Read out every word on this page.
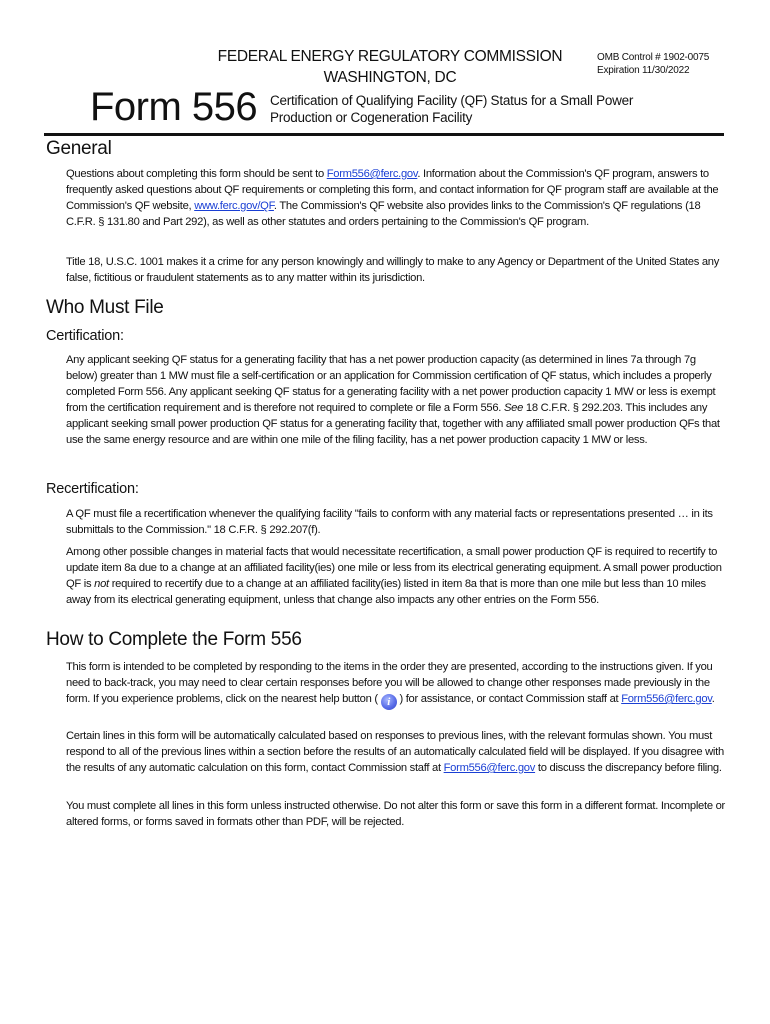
FEDERAL ENERGY REGULATORY COMMISSION
WASHINGTON, DC
OMB Control # 1902-0075
Expiration 11/30/2022
Form 556 Certification of Qualifying Facility (QF) Status for a Small Power
Production or Cogeneration Facility
General
Questions about completing this form should be sent to Form556@ferc.gov. Information about the Commission's QF program, answers to frequently asked questions about QF requirements or completing this form, and contact information for QF program staff are available at the Commission's QF website, www.ferc.gov/QF. The Commission's QF website also provides links to the Commission's QF regulations (18 C.F.R. § 131.80 and Part 292), as well as other statutes and orders pertaining to the Commission's QF program.
Title 18, U.S.C. 1001 makes it a crime for any person knowingly and willingly to make to any Agency or Department of the United States any false, fictitious or fraudulent statements as to any matter within its jurisdiction.
Who Must File
Certification:
Any applicant seeking QF status for a generating facility that has a net power production capacity (as determined in lines 7a through 7g below) greater than 1 MW must file a self-certification or an application for Commission certification of QF status, which includes a properly completed Form 556. Any applicant seeking QF status for a generating facility with a net power production capacity 1 MW or less is exempt from the certification requirement and is therefore not required to complete or file a Form 556. See 18 C.F.R. § 292.203. This includes any applicant seeking small power production QF status for a generating facility that, together with any affiliated small power production QFs that use the same energy resource and are within one mile of the filing facility, has a net power production capacity 1 MW or less.
Recertification:
A QF must file a recertification whenever the qualifying facility "fails to conform with any material facts or representations presented … in its submittals to the Commission." 18 C.F.R. § 292.207(f).
Among other possible changes in material facts that would necessitate recertification, a small power production QF is required to recertify to update item 8a due to a change at an affiliated facility(ies) one mile or less from its electrical generating equipment. A small power production QF is not required to recertify due to a change at an affiliated facility(ies) listed in item 8a that is more than one mile but less than 10 miles away from its electrical generating equipment, unless that change also impacts any other entries on the Form 556.
How to Complete the Form 556
This form is intended to be completed by responding to the items in the order they are presented, according to the instructions given. If you need to back-track, you may need to clear certain responses before you will be allowed to change other responses made previously in the form. If you experience problems, click on the nearest help button ( i ) for assistance, or contact Commission staff at Form556@ferc.gov.
Certain lines in this form will be automatically calculated based on responses to previous lines, with the relevant formulas shown. You must respond to all of the previous lines within a section before the results of an automatically calculated field will be displayed. If you disagree with the results of any automatic calculation on this form, contact Commission staff at Form556@ferc.gov to discuss the discrepancy before filing.
You must complete all lines in this form unless instructed otherwise. Do not alter this form or save this form in a different format. Incomplete or altered forms, or forms saved in formats other than PDF, will be rejected.
